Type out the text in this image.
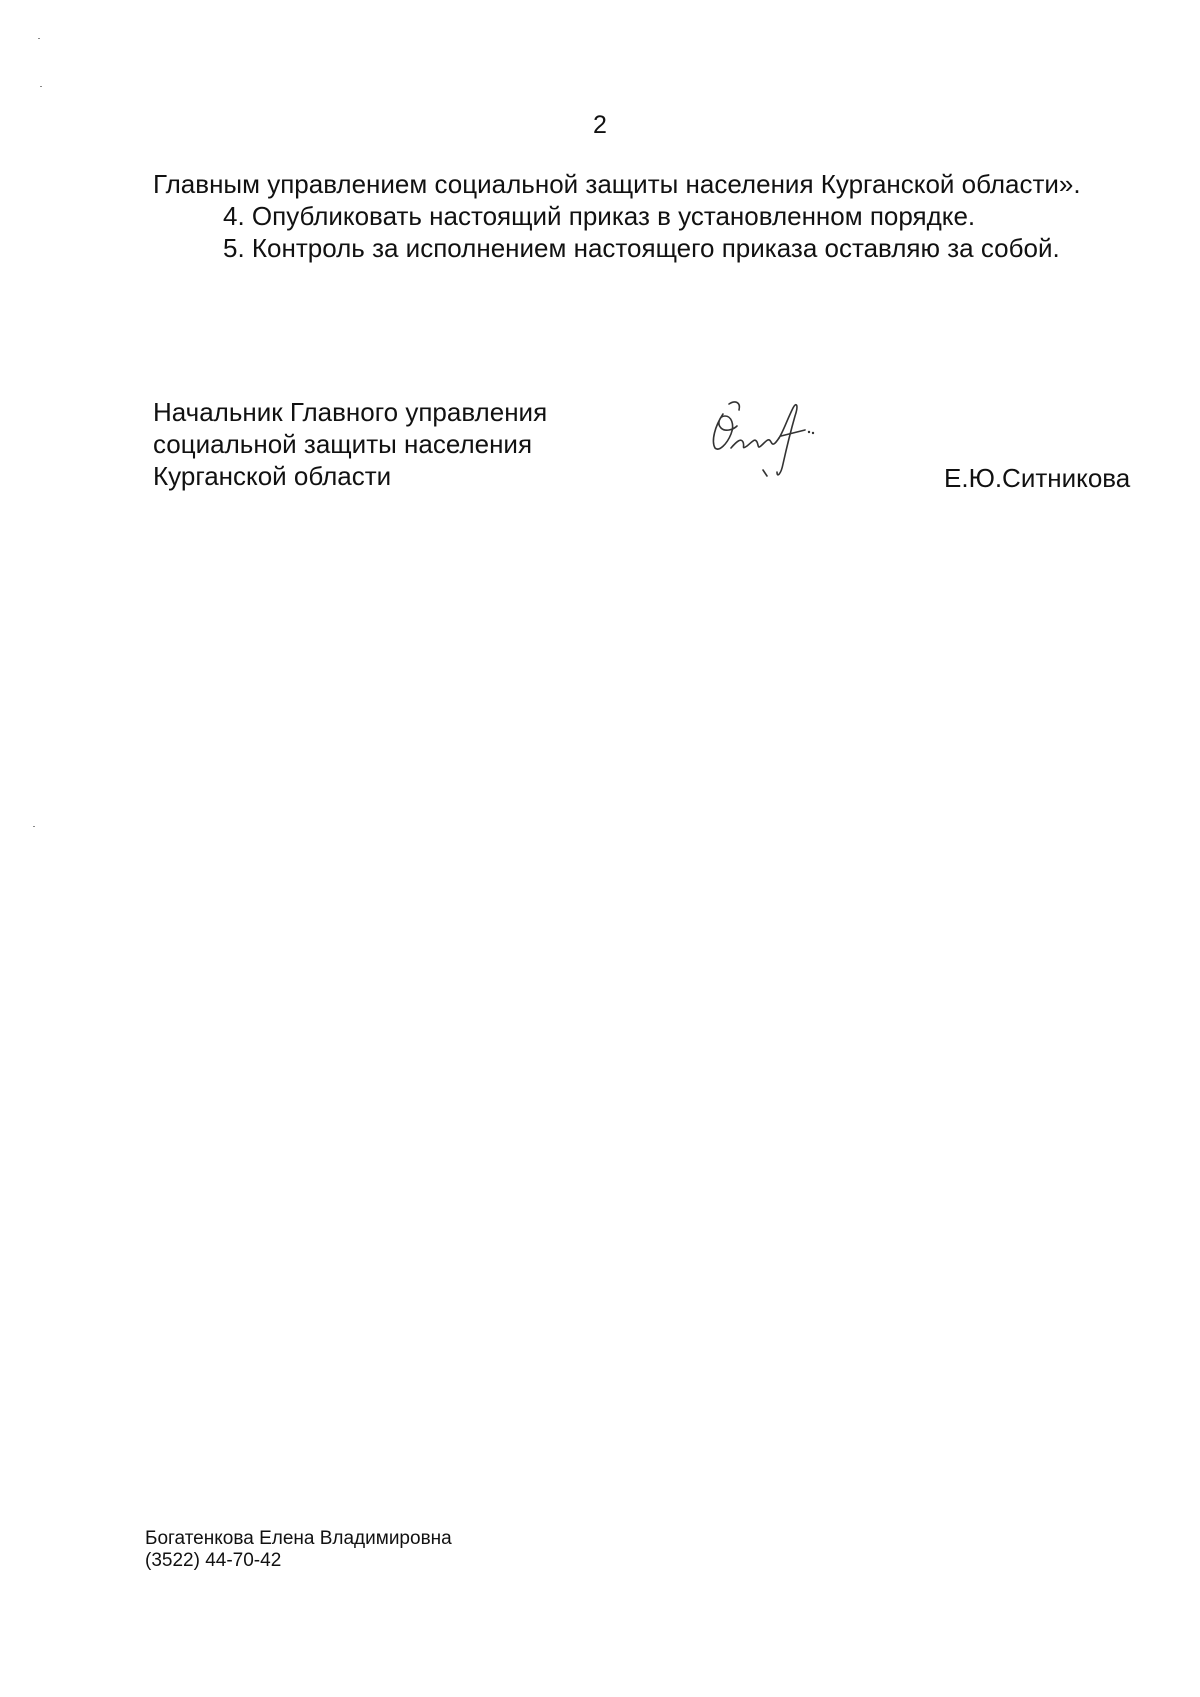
2

Главным управлением социальной защиты населения Курганской области».

4. Опубликовать настоящий приказ в установленном порядке.

5. Контроль за исполнением настоящего приказа оставляю за собой.

Начальник Главного управления
социальной защиты населения
Курганской области	Е.Ю.Ситникова
Богатенкова Елена Владимировна
(3522) 44-70-42
